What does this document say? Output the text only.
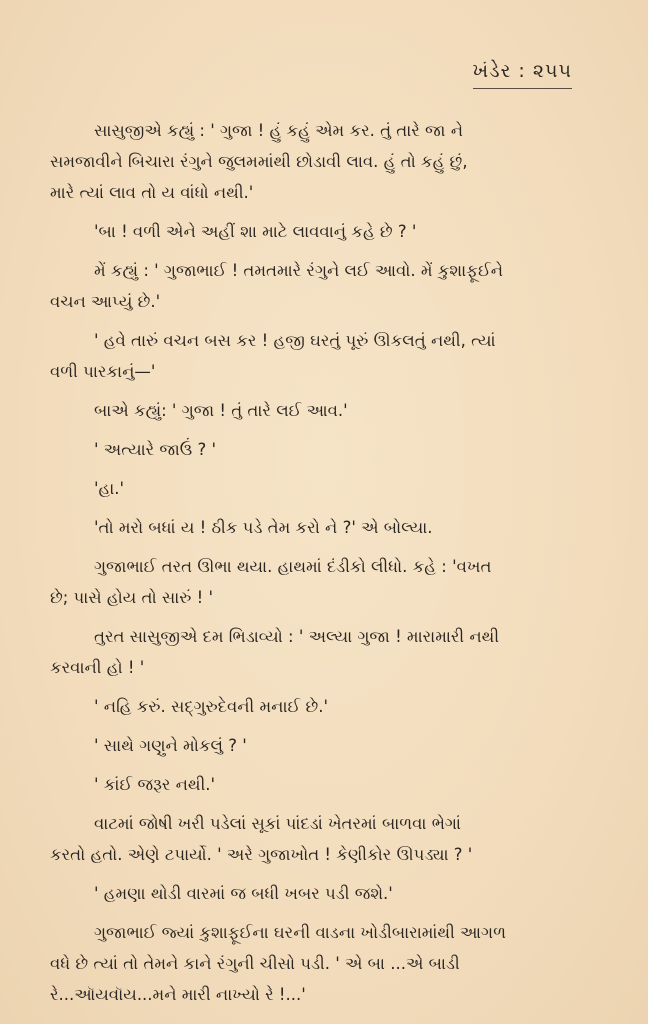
ખંડેર : ૨૫૫
સાસુજીએ કહ્યું : ' ગુજા ! હું કહું એમ કર. તું તારે જા ને
સમજાવીને બિચારા રંગુને જુલમમાંથી છોડાવી લાવ. હું તો કહું છું,
મારે ત્યાં લાવ તો ય વાંધો નથી.'
'બા ! વળી એને અહીં શા માટે લાવવાનું કહે છે ? '
મેં કહ્યું : ' ગુજાભાઈ ! તમતમારે રંગુને લઈ આવો. મેં કુશાફૂઈને
વચન આપ્યું છે.'
' હવે તારું વચન બસ કર ! હજી ઘરતું પૂરું ઊકલતું નથી, ત્યાં
વળી પારકાનું—'
બાએ કહ્યું: ' ગુજા ! તું તારે લઈ આવ.'
' અત્યારે જાઉં ? '
'હા.'
'તો મરો બધાં ય ! ઠીક પડે તેમ કરો ને ?' એ બોલ્યા.
ગુજાભાઈ તરત ઊભા થયા. હાથમાં દંડીકો લીધો. કહે : 'વખત
છે; પાસે હોય તો સારું ! '
તુરત સાસુજીએ દમ ભિડાવ્યો : ' અલ્યા ગુજા ! મારામારી નથી
કરવાની હો ! '
' નહિ કરું. સદ્‌ગુરુદેવની મનાઈ છે.'
' સાથે ગણુને મોકલું ? '
' કાંઈ જરૂર નથી.'
વાટમાં જોષી ખરી પડેલાં સૂકાં પાંદડાં ખેતરમાં બાળવા ભેગાં
કરતો હતો. એણે ટપાર્યો. ' અરે ગુજાખોત ! કેણીકોર ઊપડ્યા ? '
' હમણા થોડી વારમાં જ બધી ખબર પડી જશે.'
ગુજાભાઈ જ્યાં કુશાફૂઈના ઘરની વાડના ખોડીબારામાંથી આગળ
વધે છે ત્યાં તો તેમને કાને રંગુની ચીસો પડી. ' એ બા ...એ બાડી
રે...ઑયવૉય...મને મારી નાખ્યો રે !...'
